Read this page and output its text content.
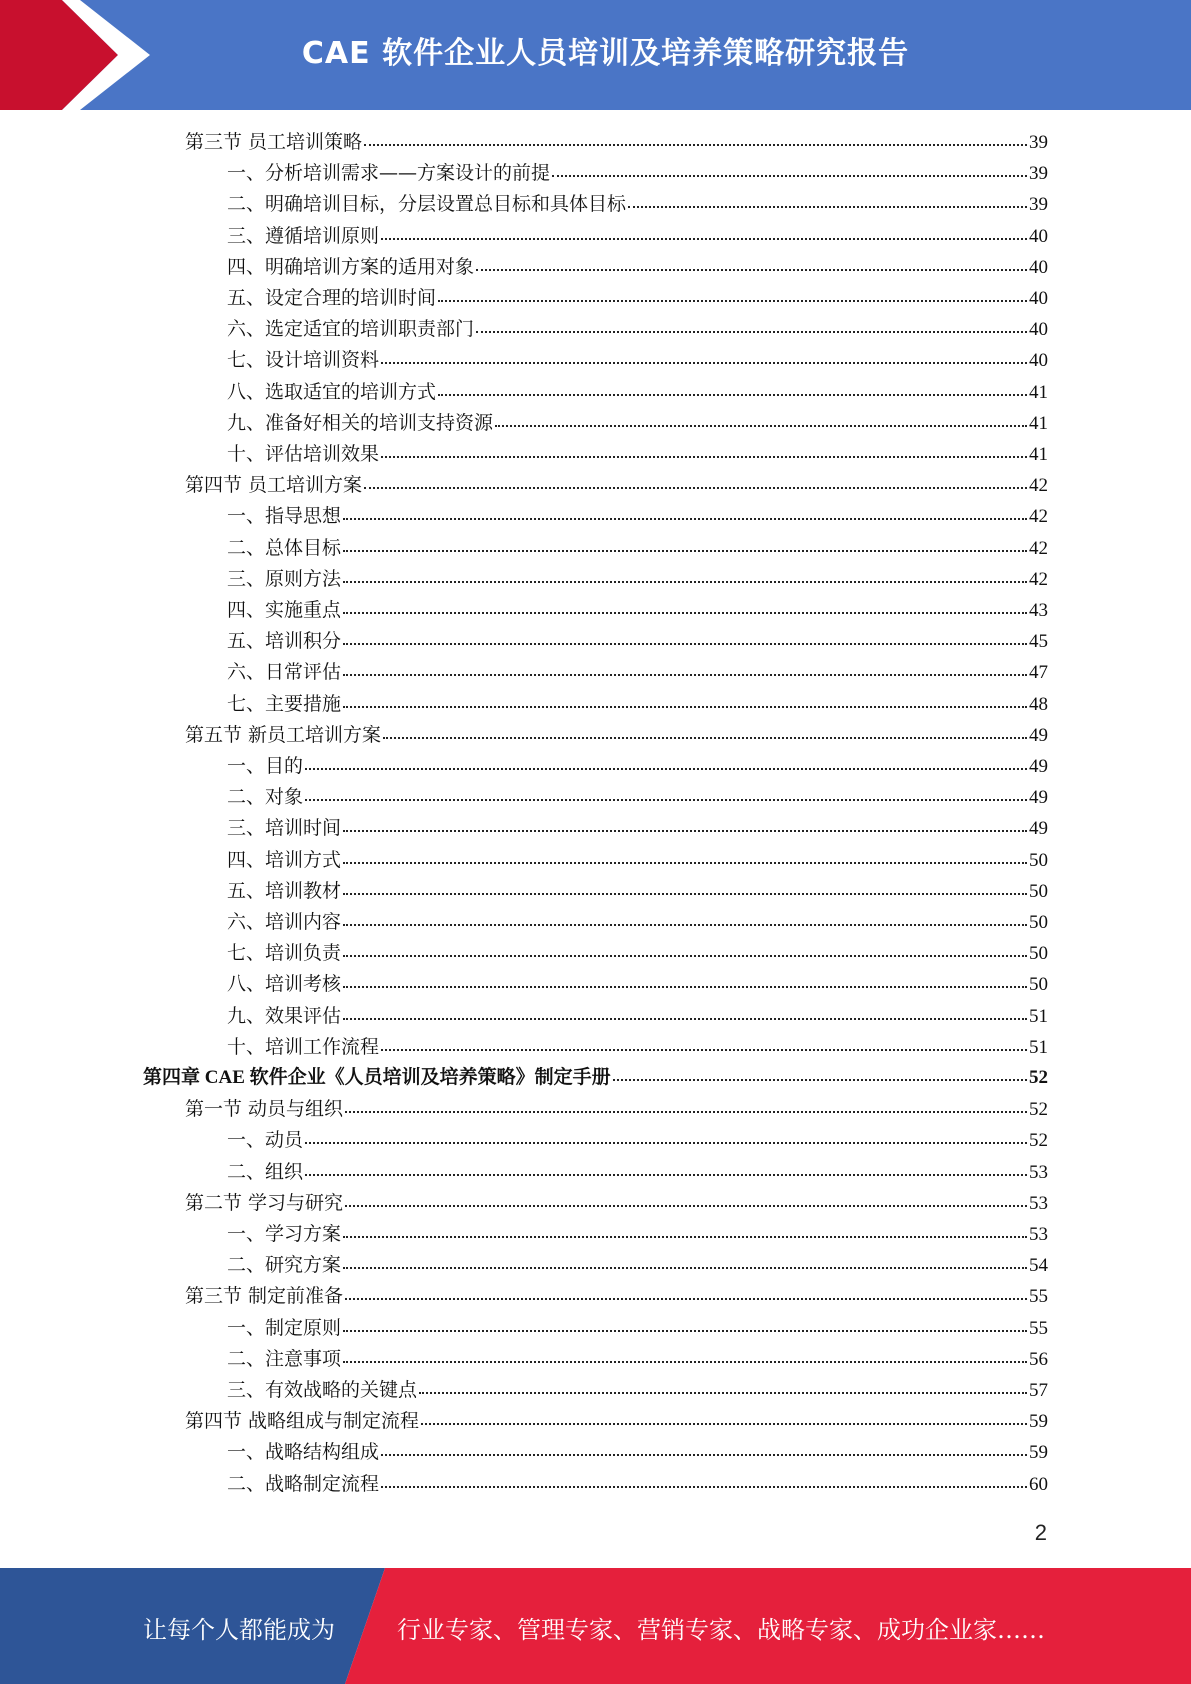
CAE 软件企业人员培训及培养策略研究报告
第三节 员工培训策略	39
一、分析培训需求——方案设计的前提	39
二、明确培训目标，分层设置总目标和具体目标	39
三、遵循培训原则	40
四、明确培训方案的适用对象	40
五、设定合理的培训时间	40
六、选定适宜的培训职责部门	40
七、设计培训资料	40
八、选取适宜的培训方式	41
九、准备好相关的培训支持资源	41
十、评估培训效果	41
第四节 员工培训方案	42
一、指导思想	42
二、总体目标	42
三、原则方法	42
四、实施重点	43
五、培训积分	45
六、日常评估	47
七、主要措施	48
第五节 新员工培训方案	49
一、目的	49
二、对象	49
三、培训时间	49
四、培训方式	50
五、培训教材	50
六、培训内容	50
七、培训负责	50
八、培训考核	50
九、效果评估	51
十、培训工作流程	51
第四章 CAE 软件企业《人员培训及培养策略》制定手册	52
第一节 动员与组织	52
一、动员	52
二、组织	53
第二节 学习与研究	53
一、学习方案	53
二、研究方案	54
第三节 制定前准备	55
一、制定原则	55
二、注意事项	56
三、有效战略的关键点	57
第四节 战略组成与制定流程	59
一、战略结构组成	59
二、战略制定流程	60
2
让每个人都能成为	行业专家、管理专家、营销专家、战略专家、成功企业家……
